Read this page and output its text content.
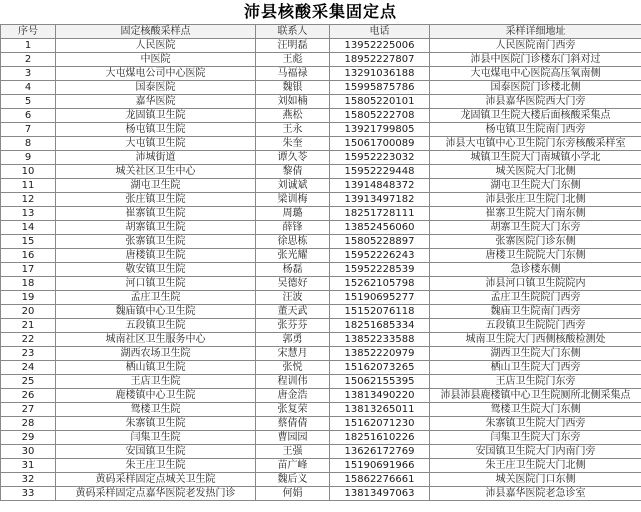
沛县核酸采集固定点
序号	固定核酸采样点	联系人	电话	采样详细地址
1	人民医院	汪明磊	13952225006	人民医院南门西旁
2	中医院	王彪	18952227807	沛县中医院门诊楼东门斜对过
3	大屯煤电公司中心医院	马福禄	13291036188	大屯煤电中心医院高压氧南侧
4	国泰医院	魏银	15995875786	国泰医院门诊楼北侧
5	嘉华医院	刘如楠	15805220101	沛县嘉华医院西大门旁
6	龙固镇卫生院	燕松	15805222708	龙固镇卫生院大楼后面核酸采集点
7	杨屯镇卫生院	王永	13921799805	杨屯镇卫生院南门西旁
8	大屯镇卫生院	朱奎	15061700089	沛县大屯镇中心卫生院门东旁核酸采样室
9	沛城街道	谭久苓	15952223032	城镇卫生院大门南城镇小学北
10	城关社区卫生中心	黎倩	15952229448	城关医院大门北侧
11	湖屯卫生院	刘诚斌	13914848372	湖屯卫生院大门东侧
12	张庄镇卫生院	梁训梅	13913497182	沛县张庄卫生院门北侧
13	崔寨镇卫生院	周璐	18251728111	崔寨卫生院大门南东侧
14	胡寨镇卫生院	薛锋	13852456060	胡寨卫生院大门东旁
15	张寨镇卫生院	徐思栋	15805228897	张寨医院门诊东侧
16	唐楼镇卫生院	张光耀	15952226243	唐楼卫生院院大门东侧
17	敬安镇卫生院	杨磊	15952228539	急诊楼东侧
18	河口镇卫生院	吴德好	15262105798	沛县河口镇卫生院院内
19	孟庄卫生院	汪波	15190695277	孟庄卫生院院门西旁
20	魏庙镇中心卫生院	董天武	15152076118	魏庙卫生院南门西旁
21	五段镇卫生院	张芬芬	18251685334	五段镇卫生院院门西旁
22	城南社区卫生服务中心	郭勇	13852233588	城南卫生院大门西侧核酸检测处
23	湖西农场卫生院	宋慧月	13852220979	湖西卫生院大门东侧
24	栖山镇卫生院	张悦	15162073265	栖山卫生院大门西旁
25	王店卫生院	程训伟	15062155395	王店卫生院门东旁
26	鹿楼镇中心卫生院	唐金浩	13813490220	沛县沛县鹿楼镇中心卫生院厕所北侧采集点
27	鸳楼卫生院	张复荣	13813265011	鸳楼卫生院大门东侧
28	朱寨镇卫生院	蔡倩倩	15162071230	朱寨镇卫生院大门西旁
29	闫集卫生院	曹园园	18251610226	闫集卫生院大门东旁
30	安国镇卫生院	王强	13626172769	安国镇卫生院大门内南门旁
31	朱王庄卫生院	苗广峰	15190691966	朱王庄卫生院大门北侧
32	黄码采样固定点城关卫生院	魏后义	15862276661	城关医院门口东侧
33	黄码采样固定点嘉华医院老发热门诊	何娟	13813497063	沛县嘉华医院老急诊室
